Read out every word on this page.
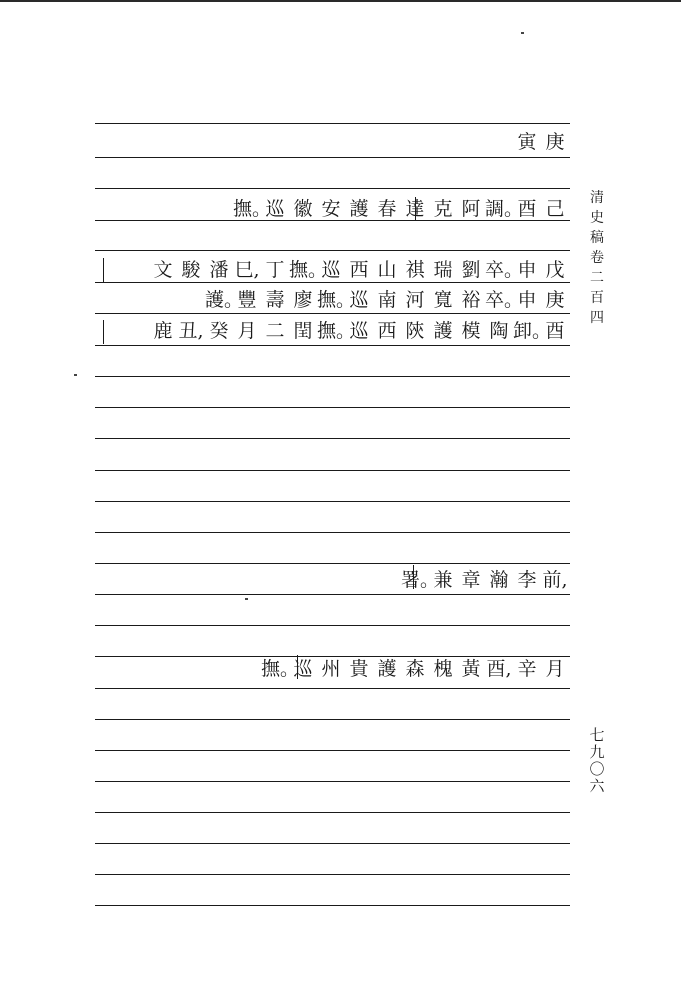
庚
寅
己
酉
調。
阿
克
達
春
護
安
徽
巡
撫。
戊
申
卒。
劉
瑞
祺
山
西
巡
撫。
丁
巳,
潘
駿
文
庚
申
卒。
裕
寬
河
南
巡
撫。
廖
壽
豐
護。
酉
卸。
陶
模
護
陝
西
巡
撫。
閏
二
月
癸
丑,
鹿
前,
李
瀚
章
兼
署。
月
辛
酉,
黃
槐
森
護
貴
州
巡
撫。
清
史
稿
卷
二
百
四
七
九
〇
六
